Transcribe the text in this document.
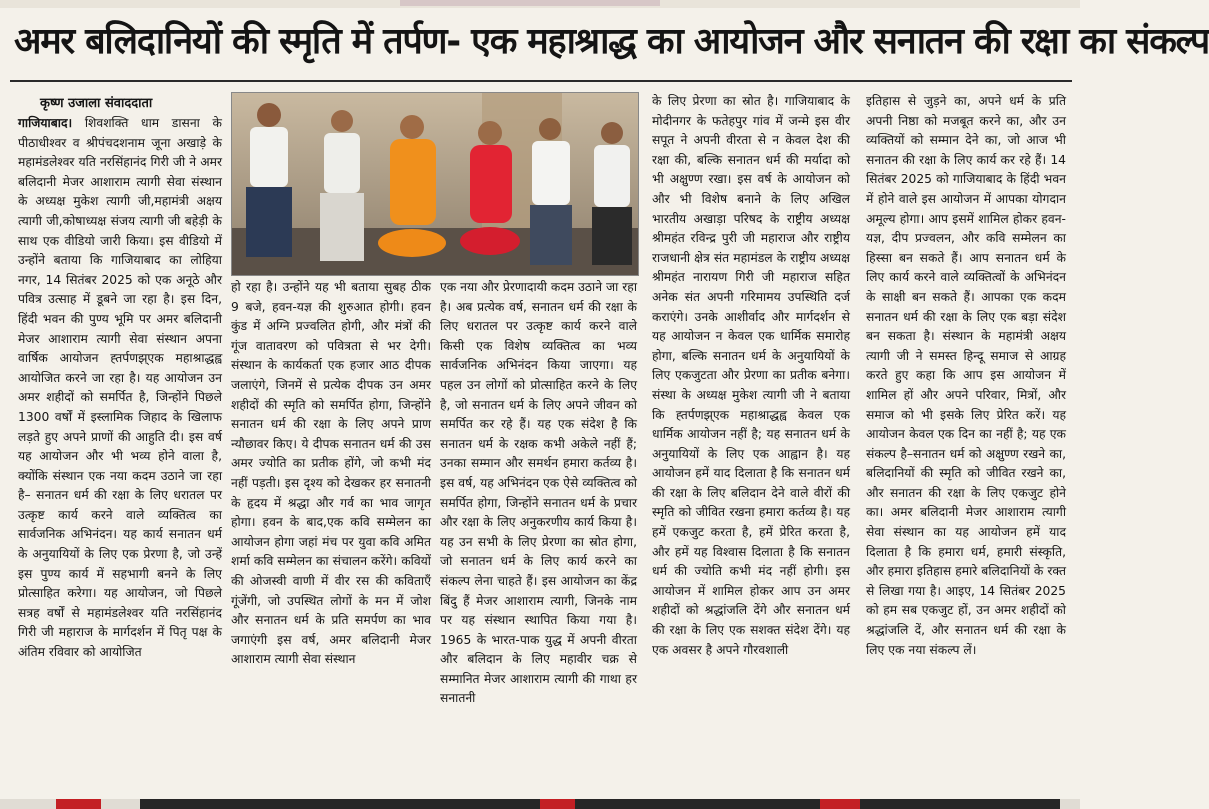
अमर बलिदानियों की स्मृति में तर्पण- एक महाश्राद्ध का आयोजन और सनातन की रक्षा का संकल्प

कृष्ण उजाला संवाददाता

गाजियाबाद। शिवशक्ति धाम डासना के पीठाधीश्वर व श्रीपंचदशनाम जूना अखाड़े के महामंडलेश्वर यति नरसिंहानंद गिरी जी ने अमर बलिदानी मेजर आशाराम त्यागी सेवा संस्थान के अध्यक्ष मुकेश त्यागी जी,महामंत्री अक्षय त्यागी जी,कोषाध्यक्ष संजय त्यागी जी बहेड़ी के साथ एक वीडियो जारी किया। इस वीडियो में उन्होंने बताया कि गाजियाबाद का लोहिया नगर, 14 सितंबर 2025 को एक अनूठे और पवित्र उत्साह में डूबने जा रहा है। इस दिन, हिंदी भवन की पुण्य भूमि पर अमर बलिदानी मेजर आशाराम त्यागी सेवा संस्थान अपना वार्षिक आयोजन ह्तर्पणझ्एक महाश्राद्धह्व आयोजित करने जा रहा है। यह आयोजन उन अमर शहीदों को समर्पित है, जिन्होंने पिछले 1300 वर्षों में इस्लामिक जिहाद के खिलाफ लड़ते हुए अपने प्राणों की आहुति दी। इस वर्ष यह आयोजन और भी भव्य होने वाला है, क्योंकि संस्थान एक नया कदम उठाने जा रहा है– सनातन धर्म की रक्षा के लिए धरातल पर उत्कृष्ट कार्य करने वाले व्यक्तित्व का सार्वजनिक अभिनंदन। यह कार्य सनातन धर्म के अनुयायियों के लिए एक प्रेरणा है, जो उन्हें इस पुण्य कार्य में सहभागी बनने के लिए प्रोत्साहित करेगा। यह आयोजन, जो पिछले सत्रह वर्षों से महामंडलेश्वर यति नरसिंहानंद गिरी जी महाराज के मार्गदर्शन में पितृ पक्ष के अंतिम रविवार को आयोजित

हो रहा है। उन्होंने यह भी बताया सुबह ठीक 9 बजे, हवन-यज्ञ की शुरुआत होगी। हवन कुंड में अग्नि प्रज्वलित होगी, और मंत्रों की गूंज वातावरण को पवित्रता से भर देगी। संस्थान के कार्यकर्ता एक हजार आठ दीपक जलाएंगे, जिनमें से प्रत्येक दीपक उन अमर शहीदों की स्मृति को समर्पित होगा, जिन्होंने सनातन धर्म की रक्षा के लिए अपने प्राण न्यौछावर किए। ये दीपक सनातन धर्म की उस अमर ज्योति का प्रतीक होंगे, जो कभी मंद नहीं पड़ती। इस दृश्य को देखकर हर सनातनी के हृदय में श्रद्धा और गर्व का भाव जागृत होगा। हवन के बाद,एक कवि सम्मेलन का आयोजन होगा जहां मंच पर युवा कवि अमित शर्मा कवि सम्मेलन का संचालन करेंगे। कवियों की ओजस्वी वाणी में वीर रस की कविताएँ गूंजेंगी, जो उपस्थित लोगों के मन में जोश और सनातन धर्म के प्रति समर्पण का भाव जगाएंगी इस वर्ष, अमर बलिदानी मेजर आशाराम त्यागी सेवा संस्थान

एक नया और प्रेरणादायी कदम उठाने जा रहा है। अब प्रत्येक वर्ष, सनातन धर्म की रक्षा के लिए धरातल पर उत्कृष्ट कार्य करने वाले किसी एक विशेष व्यक्तित्व का भव्य सार्वजनिक अभिनंदन किया जाएगा। यह पहल उन लोगों को प्रोत्साहित करने के लिए है, जो सनातन धर्म के लिए अपने जीवन को समर्पित कर रहे हैं। यह एक संदेश है कि सनातन धर्म के रक्षक कभी अकेले नहीं हैं; उनका सम्मान और समर्थन हमारा कर्तव्य है। इस वर्ष, यह अभिनंदन एक ऐसे व्यक्तित्व को समर्पित होगा, जिन्होंने सनातन धर्म के प्रचार और रक्षा के लिए अनुकरणीय कार्य किया है। यह उन सभी के लिए प्रेरणा का स्रोत होगा, जो सनातन धर्म के लिए कार्य करने का संकल्प लेना चाहते हैं। इस आयोजन का केंद्र बिंदु हैं मेजर आशाराम त्यागी, जिनके नाम पर यह संस्थान स्थापित किया गया है। 1965 के भारत-पाक युद्ध में अपनी वीरता और बलिदान के लिए महावीर चक्र से सम्मानित मेजर आशाराम त्यागी की गाथा हर सनातनी

के लिए प्रेरणा का स्रोत है। गाजियाबाद के मोदीनगर के फतेहपुर गांव में जन्मे इस वीर सपूत ने अपनी वीरता से न केवल देश की रक्षा की, बल्कि सनातन धर्म की मर्यादा को भी अक्षुण्ण रखा। इस वर्ष के आयोजन को और भी विशेष बनाने के लिए अखिल भारतीय अखाड़ा परिषद के राष्ट्रीय अध्यक्ष श्रीमहंत रविन्द्र पुरी जी महाराज और राष्ट्रीय राजधानी क्षेत्र संत महामंडल के राष्ट्रीय अध्यक्ष श्रीमहंत नारायण गिरी जी महाराज सहित अनेक संत अपनी गरिमामय उपस्थिति दर्ज कराएंगे। उनके आशीर्वाद और मार्गदर्शन से यह आयोजन न केवल एक धार्मिक समारोह होगा, बल्कि सनातन धर्म के अनुयायियों के लिए एकजुटता और प्रेरणा का प्रतीक बनेगा। संस्था के अध्यक्ष मुकेश त्यागी जी ने बताया कि ह्तर्पणझ्एक महाश्राद्धह्व केवल एक धार्मिक आयोजन नहीं है; यह सनातन धर्म के अनुयायियों के लिए एक आह्वान है। यह आयोजन हमें याद दिलाता है कि सनातन धर्म की रक्षा के लिए बलिदान देने वाले वीरों की स्मृति को जीवित रखना हमारा कर्तव्य है। यह हमें एकजुट करता है, हमें प्रेरित करता है, और हमें यह विश्वास दिलाता है कि सनातन धर्म की ज्योति कभी मंद नहीं होगी। इस आयोजन में शामिल होकर आप उन अमर शहीदों को श्रद्धांजलि देंगे और सनातन धर्म की रक्षा के लिए एक सशक्त संदेश देंगे। यह एक अवसर है अपने गौरवशाली

इतिहास से जुड़ने का, अपने धर्म के प्रति अपनी निष्ठा को मजबूत करने का, और उन व्यक्तियों को सम्मान देने का, जो आज भी सनातन की रक्षा के लिए कार्य कर रहे हैं। 14 सितंबर 2025 को गाजियाबाद के हिंदी भवन में होने वाले इस आयोजन में आपका योगदान अमूल्य होगा। आप इसमें शामिल होकर हवन-यज्ञ, दीप प्रज्वलन, और कवि सम्मेलन का हिस्सा बन सकते हैं। आप सनातन धर्म के लिए कार्य करने वाले व्यक्तित्वों के अभिनंदन के साक्षी बन सकते हैं। आपका एक कदम सनातन धर्म की रक्षा के लिए एक बड़ा संदेश बन सकता है। संस्थान के महामंत्री अक्षय त्यागी जी ने समस्त हिन्दू समाज से आग्रह करते हुए कहा कि आप इस आयोजन में शामिल हों और अपने परिवार, मित्रों, और समाज को भी इसके लिए प्रेरित करें। यह आयोजन केवल एक दिन का नहीं है; यह एक संकल्प है–सनातन धर्म को अक्षुण्ण रखने का, बलिदानियों की स्मृति को जीवित रखने का, और सनातन की रक्षा के लिए एकजुट होने का। अमर बलिदानी मेजर आशाराम त्यागी सेवा संस्थान का यह आयोजन हमें याद दिलाता है कि हमारा धर्म, हमारी संस्कृति, और हमारा इतिहास हमारे बलिदानियों के रक्त से लिखा गया है। आइए, 14 सितंबर 2025 को हम सब एकजुट हों, उन अमर शहीदों को श्रद्धांजलि दें, और सनातन धर्म की रक्षा के लिए एक नया संकल्प लें।
